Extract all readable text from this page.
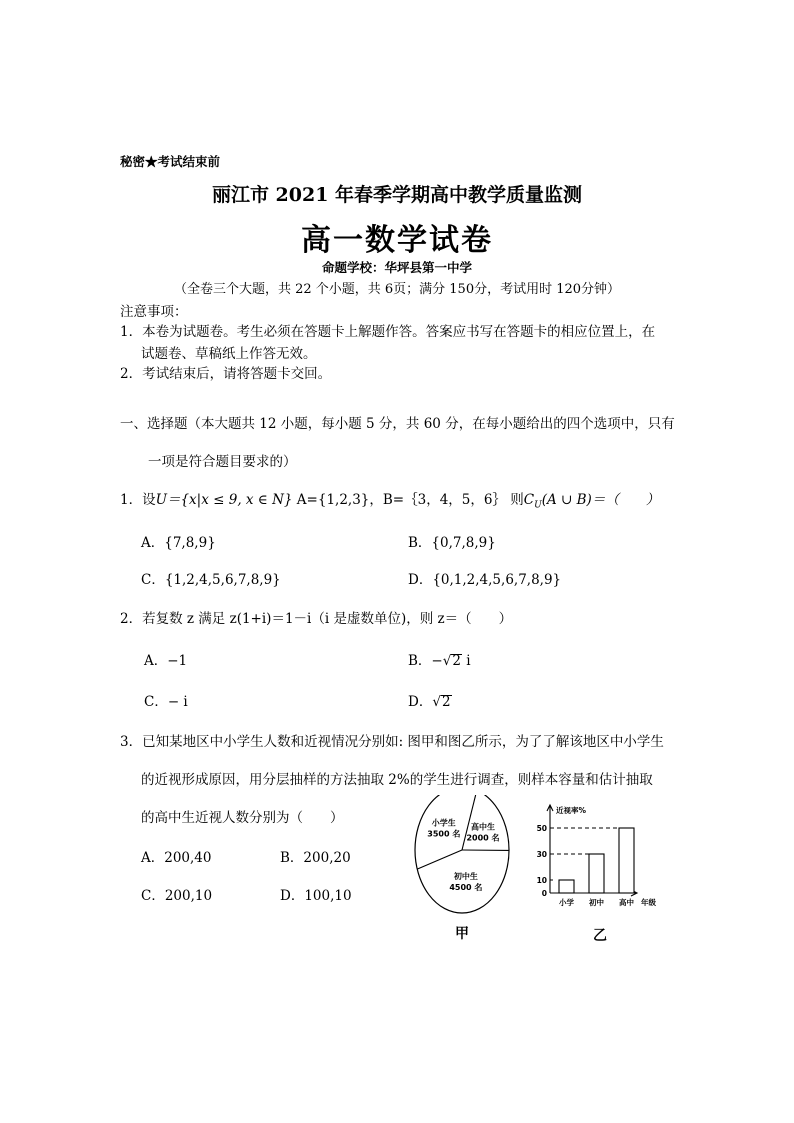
秘密★考试结束前
丽江市 2021 年春季学期高中教学质量监测
高一数学试卷
命题学校：华坪县第一中学
（全卷三个大题，共 22 个小题，共 6页；满分 150分，考试用时 120分钟）
注意事项：
1．本卷为试题卷。考生必须在答题卡上解题作答。答案应书写在答题卡的相应位置上，在
试题卷、草稿纸上作答无效。
2．考试结束后，请将答题卡交回。
一、选择题（本大题共 12 小题，每小题 5 分，共 60 分，在每小题给出的四个选项中，只有
一项是符合题目要求的）
1．设U＝{x|x ≤ 9, x ∈ N} A={1,2,3}，B=｛3，4，5，6｝ 则$C_U(A$ ∪ B)＝（　　）
A．{7,8,9}	B．{0,7,8,9}
C．{1,2,4,5,6,7,8,9}	D．{0,1,2,4,5,6,7,8,9}
2．若复数 z 满足 z(1+i)＝1－i（i 是虚数单位)，则 z＝（　　）
A．−1	B．−√2 i
C．− i	D．√2
3．已知某地区中小学生人数和近视情况分别如: 图甲和图乙所示，为了了解该地区中小学生
的近视形成原因，用分层抽样的方法抽取 2%的学生进行调查，则样本容量和估计抽取
的高中生近视人数分别为（　　）
A．200,40	B．200,20
C．200,10	D．100,10
小学生
3500 名
高中生
2000 名
初中生
4500 名
甲
近视率%
年级
0
10
30
50
小学 初中 高中
乙
